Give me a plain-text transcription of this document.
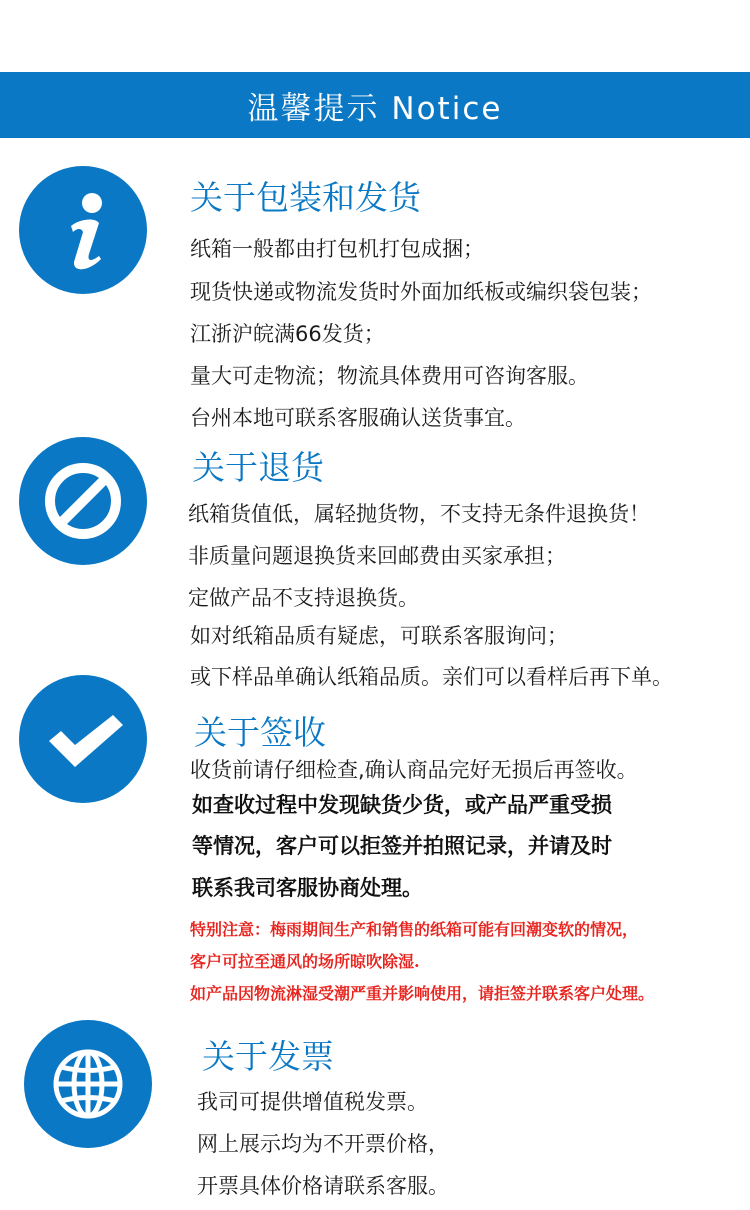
温馨提示 Notice
关于包装和发货
纸箱一般都由打包机打包成捆；
现货快递或物流发货时外面加纸板或编织袋包装；
江浙沪皖满66发货；
量大可走物流；物流具体费用可咨询客服。
台州本地可联系客服确认送货事宜。
关于退货
纸箱货值低，属轻抛货物，不支持无条件退换货！
非质量问题退换货来回邮费由买家承担；
定做产品不支持退换货。
如对纸箱品质有疑虑，可联系客服询问；
或下样品单确认纸箱品质。亲们可以看样后再下单。
关于签收
收货前请仔细检查,确认商品完好无损后再签收。
如查收过程中发现缺货少货，或产品严重受损
等情况，客户可以拒签并拍照记录，并请及时
联系我司客服协商处理。
特别注意：梅雨期间生产和销售的纸箱可能有回潮变软的情况，
客户可拉至通风的场所晾吹除湿.
如产品因物流淋湿受潮严重并影响使用，请拒签并联系客户处理。
关于发票
我司可提供增值税发票。
网上展示均为不开票价格，
开票具体价格请联系客服。
